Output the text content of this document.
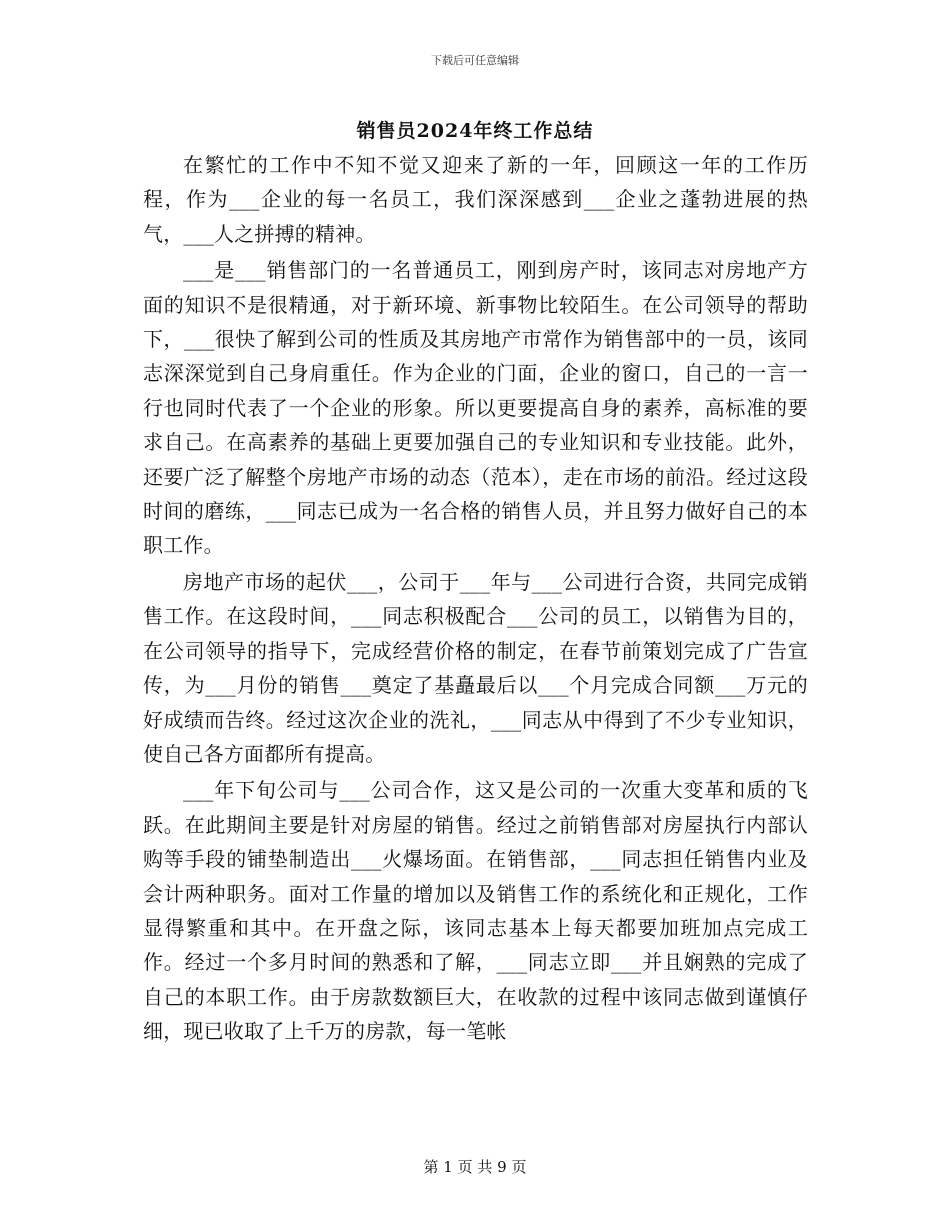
下载后可任意编辑
销售员2024年终工作总结

在繁忙的工作中不知不觉又迎来了新的一年，回顾这一年的工作历程，作为___企业的每一名员工，我们深深感到___企业之蓬勃进展的热气，___人之拼搏的精神。

___是___销售部门的一名普通员工，刚到房产时，该同志对房地产方面的知识不是很精通，对于新环境、新事物比较陌生。在公司领导的帮助下，___很快了解到公司的性质及其房地产市常作为销售部中的一员，该同志深深觉到自己身肩重任。作为企业的门面，企业的窗口，自己的一言一行也同时代表了一个企业的形象。所以更要提高自身的素养，高标准的要求自己。在高素养的基础上更要加强自己的专业知识和专业技能。此外，还要广泛了解整个房地产市场的动态（范本），走在市场的前沿。经过这段时间的磨练，___同志已成为一名合格的销售人员，并且努力做好自己的本职工作。

房地产市场的起伏___，公司于___年与___公司进行合资，共同完成销售工作。在这段时间，___同志积极配合___公司的员工，以销售为目的，在公司领导的指导下，完成经营价格的制定，在春节前策划完成了广告宣传，为___月份的销售___奠定了基矗最后以___个月完成合同额___万元的好成绩而告终。经过这次企业的洗礼，___同志从中得到了不少专业知识，使自己各方面都所有提高。

___年下旬公司与___公司合作，这又是公司的一次重大变革和质的飞跃。在此期间主要是针对房屋的销售。经过之前销售部对房屋执行内部认购等手段的铺垫制造出___火爆场面。在销售部，___同志担任销售内业及会计两种职务。面对工作量的增加以及销售工作的系统化和正规化，工作显得繁重和其中。在开盘之际，该同志基本上每天都要加班加点完成工作。经过一个多月时间的熟悉和了解，___同志立即___并且娴熟的完成了自己的本职工作。由于房款数额巨大，在收款的过程中该同志做到谨慎仔细，现已收取了上千万的房款，每一笔帐

第 1 页 共 9 页
